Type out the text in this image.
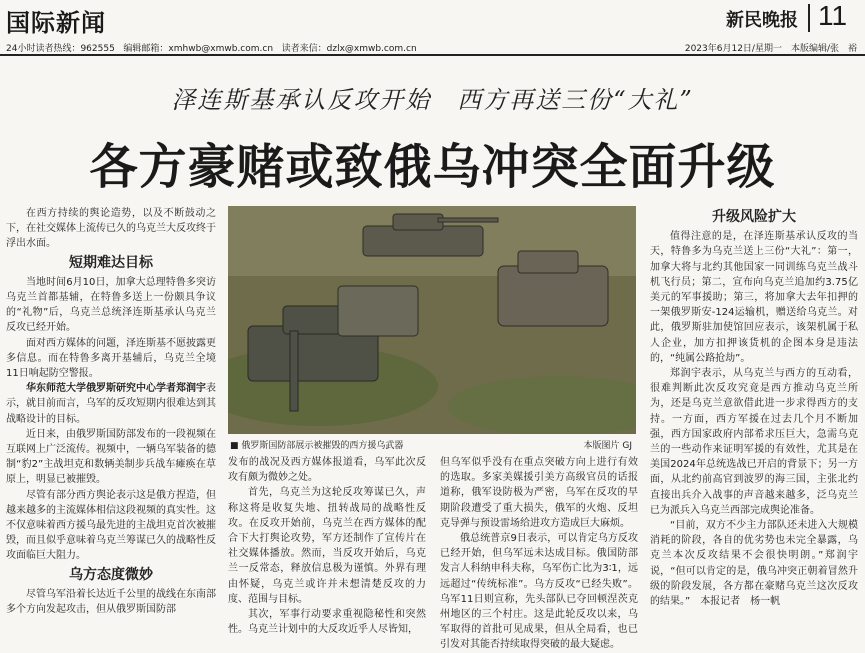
国际新闻	新民晚报 11
24小时读者热线：962555 编辑邮箱：xmhwb@xmwb.com.cn 读者来信：dzlx@xmwb.com.cn	2023年6月12日/星期一　本版编辑/张　裕
泽连斯基承认反攻开始　西方再送三份“大礼”
各方豪赌或致俄乌冲突全面升级

在西方持续的舆论造势，以及不断鼓动之下，在社交媒体上流传已久的乌克兰大反攻终于浮出水面。

短期难达目标

当地时间6月10日，加拿大总理特鲁多突访乌克兰首都基辅，在特鲁多送上一份颇具争议的“礼物”后，乌克兰总统泽连斯基承认乌克兰反攻已经开始。

面对西方媒体的问题，泽连斯基不愿披露更多信息。而在特鲁多离开基辅后，乌克兰全境11日响起防空警报。

华东师范大学俄罗斯研究中心学者郑润宇表示，就目前而言，乌军的反攻短期内很难达到其战略设计的目标。

近日来，由俄罗斯国防部发布的一段视频在互联网上广泛流传。视频中，一辆乌军装备的德制“豹2”主战坦克和数辆美制步兵战车瘫痪在草原上，明显已被摧毁。

尽管有部分西方舆论表示这是俄方捏造，但越来越多的主流媒体相信这段视频的真实性。这不仅意味着西方援乌最先进的主战坦克首次被摧毁，而且似乎意味着乌克兰筹谋已久的战略性反攻面临巨大阻力。

乌方态度微妙

尽管乌军沿着长达近千公里的战线在东南部多个方向发起攻击，但从俄罗斯国防部

■ 俄罗斯国防部展示被摧毁的西方援乌武器	本版图片 GJ

发布的战况及西方媒体报道看，乌军此次反攻有颇为微妙之处。

首先，乌克兰为这轮反攻筹谋已久，声称这将是收复失地、扭转战局的战略性反攻。在反攻开始前，乌克兰在西方媒体的配合下大打舆论攻势，军方还制作了宣传片在社交媒体播放。然而，当反攻开始后，乌克兰一反常态，释放信息极为谨慎。外界有理由怀疑，乌克兰或许并未想清楚反攻的力度、范围与目标。

其次，军事行动要求重视隐秘性和突然性。乌克兰计划中的大反攻近乎人尽皆知，

但乌军似乎没有在重点突破方向上进行有效的选取。多家美媒援引美方高级官员的话报道称，俄军设防极为严密，乌军在反攻的早期阶段遭受了重大损失，俄军的火炮、反坦克导弹与预设雷场给进攻方造成巨大麻烦。

俄总统普京9日表示，可以肯定乌方反攻已经开始，但乌军远未达成目标。俄国防部发言人科纳申科夫称，乌军伤亡比为3∶1，远远超过“传统标准”。乌方反攻“已经失败”。乌军11日则宣称，先头部队已夺回顿涅茨克州地区的三个村庄。这是此轮反攻以来，乌军取得的首批可见成果，但从全局看，也已引发对其能否持续取得突破的最大疑虑。

升级风险扩大

值得注意的是，在泽连斯基承认反攻的当天，特鲁多为乌克兰送上三份“大礼”：第一，加拿大将与北约其他国家一同训练乌克兰战斗机飞行员；第二，宣布向乌克兰追加约3.75亿美元的军事援助；第三，将加拿大去年扣押的一架俄罗斯安-124运输机，赠送给乌克兰。对此，俄罗斯驻加使馆回应表示，该架机属于私人企业，加方扣押该货机的企图本身是违法的，“纯属公路抢劫”。

郑润宇表示，从乌克兰与西方的互动看，很难判断此次反攻究竟是西方推动乌克兰所为，还是乌克兰意欲借此进一步求得西方的支持。一方面，西方军援在过去几个月不断加强，西方国家政府内部希求压巨大，急需乌克兰的一些动作来证明军援的有效性，尤其是在美国2024年总统选战已开启的背景下；另一方面，从北约前高官到波罗的海三国，主张北约直接出兵介入战事的声音越来越多，泛乌克兰已为派兵入乌克兰西部完成舆论准备。

“目前，双方不少主力部队还未进入大规模消耗的阶段，各自的优劣势也未完全暴露，乌克兰本次反攻结果不会很快明朗。”郑润宇说，“但可以肯定的是，俄乌冲突正朝着冒然升级的阶段发展，各方都在豪赌乌克兰这次反攻的结果。”　 本报记者　杨一帆
